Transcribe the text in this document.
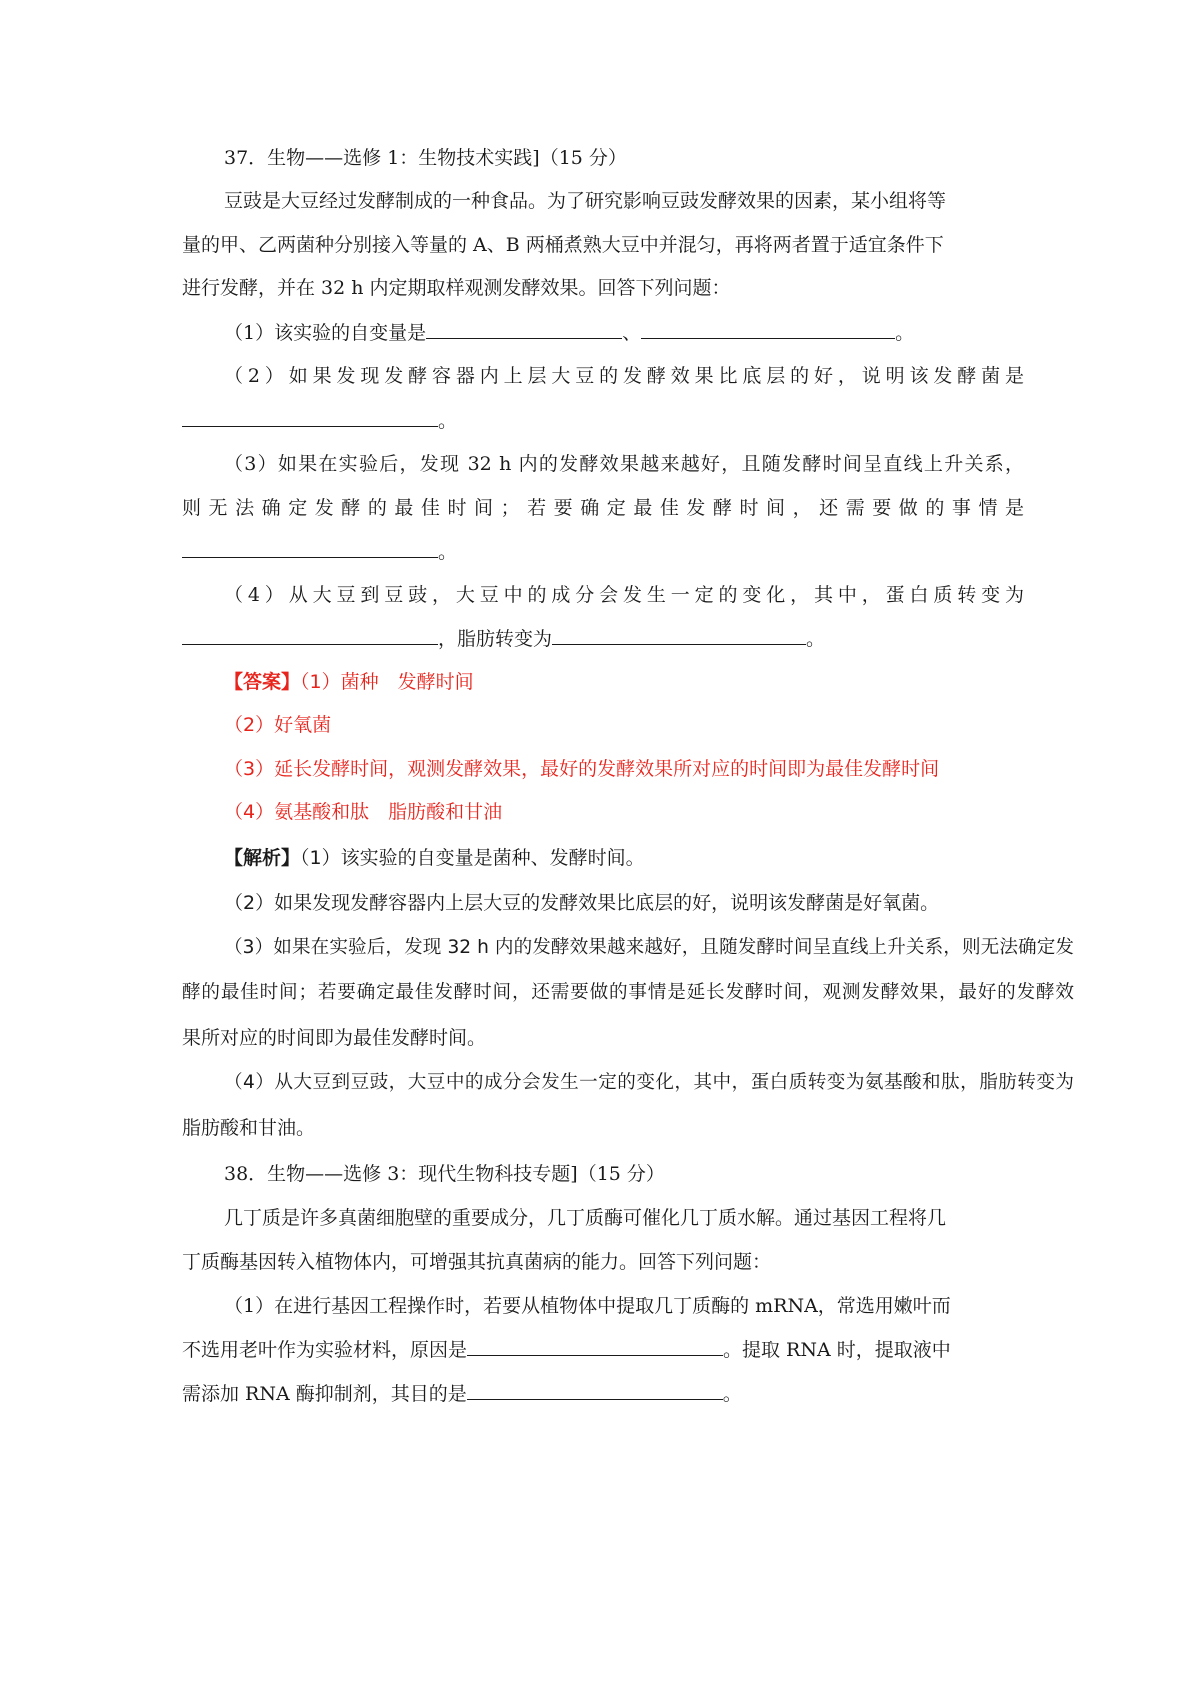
37．生物——选修 1：生物技术实践]（15 分）
豆豉是大豆经过发酵制成的一种食品。为了研究影响豆豉发酵效果的因素，某小组将等
量的甲、乙两菌种分别接入等量的 A、B 两桶煮熟大豆中并混匀，再将两者置于适宜条件下
进行发酵，并在 32 h 内定期取样观测发酵效果。回答下列问题：
（1）该实验的自变量是	、	。
（2）如果发现发酵容器内上层大豆的发酵效果比底层的好，说明该发酵菌是
。
（3）如果在实验后，发现 32 h 内的发酵效果越来越好，且随发酵时间呈直线上升关系，
则无法确定发酵的最佳时间；若要确定最佳发酵时间，还需要做的事情是
。
（4）从大豆到豆豉，大豆中的成分会发生一定的变化，其中，蛋白质转变为
，脂肪转变为	。
【答案】（1）菌种　发酵时间
（2）好氧菌
（3）延长发酵时间，观测发酵效果，最好的发酵效果所对应的时间即为最佳发酵时间
（4）氨基酸和肽　脂肪酸和甘油
【解析】（1）该实验的自变量是菌种、发酵时间。
（2）如果发现发酵容器内上层大豆的发酵效果比底层的好，说明该发酵菌是好氧菌。
（3）如果在实验后，发现 32 h 内的发酵效果越来越好，且随发酵时间呈直线上升关系，则无法确定发
酵的最佳时间；若要确定最佳发酵时间，还需要做的事情是延长发酵时间，观测发酵效果，最好的发酵效
果所对应的时间即为最佳发酵时间。
（4）从大豆到豆豉，大豆中的成分会发生一定的变化，其中，蛋白质转变为氨基酸和肽，脂肪转变为
脂肪酸和甘油。
38．生物——选修 3：现代生物科技专题]（15 分）
几丁质是许多真菌细胞壁的重要成分，几丁质酶可催化几丁质水解。通过基因工程将几
丁质酶基因转入植物体内，可增强其抗真菌病的能力。回答下列问题：
（1）在进行基因工程操作时，若要从植物体中提取几丁质酶的 mRNA，常选用嫩叶而
不选用老叶作为实验材料，原因是	。提取 RNA 时，提取液中
需添加 RNA 酶抑制剂，其目的是	。
